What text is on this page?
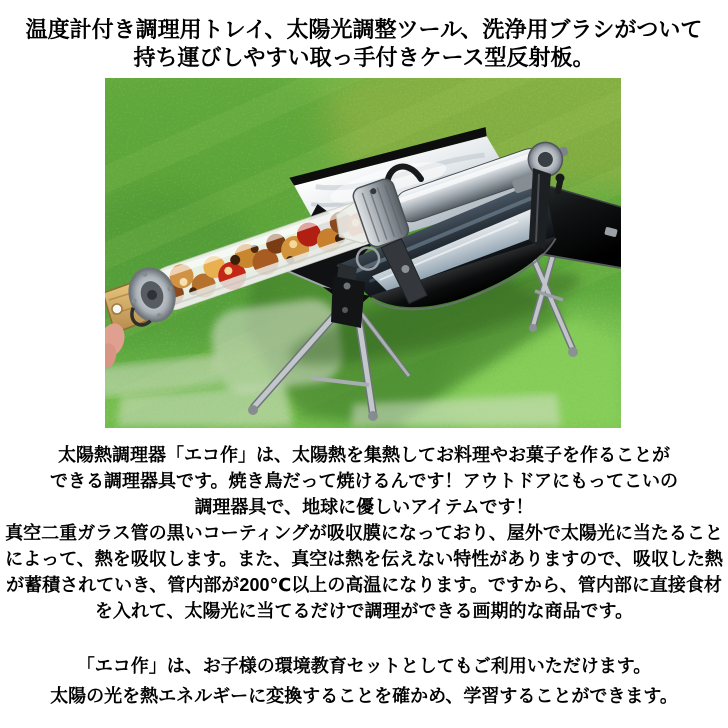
温度計付き調理用トレイ、太陽光調整ツール、洗浄用ブラシがついて
持ち運びしやすい取っ手付きケース型反射板。
太陽熱調理器「エコ作」は、太陽熱を集熱してお料理やお菓子を作ることが
できる調理器具です。焼き鳥だって焼けるんです！アウトドアにもってこいの
調理器具で、地球に優しいアイテムです！
真空二重ガラス管の黒いコーティングが吸収膜になっており、屋外で太陽光に当たること
によって、熱を吸収します。また、真空は熱を伝えない特性がありますので、吸収した熱
が蓄積されていき、管内部が200℃以上の高温になります。ですから、管内部に直接食材
を入れて、太陽光に当てるだけで調理ができる画期的な商品です。
「エコ作」は、お子様の環境教育セットとしてもご利用いただけます。
太陽の光を熱エネルギーに変換することを確かめ、学習することができます。
